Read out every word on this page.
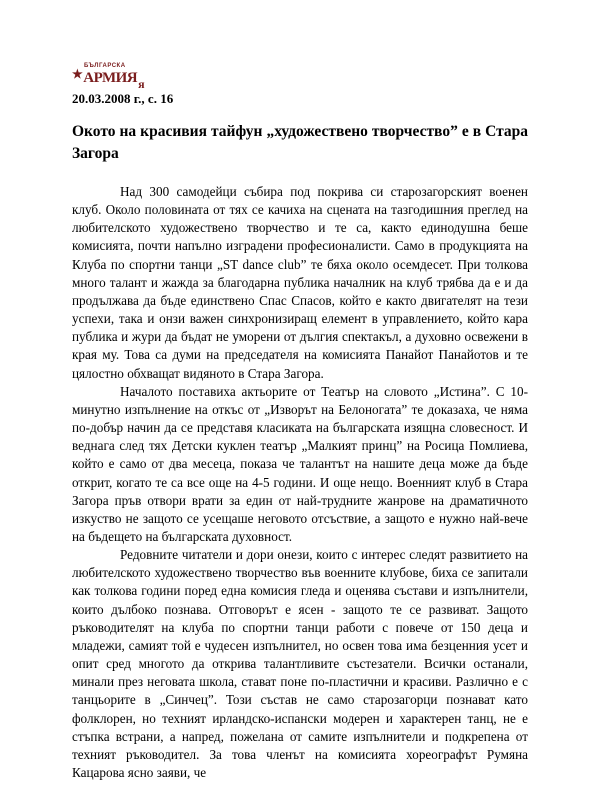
★
БЪЛГАРСКА
АРМИЯ я
20.03.2008 г., с. 16
Окото на красивия тайфун „художествено творчество” е в Стара Загора

Над 300 самодейци събира под покрива си старозагорският военен клуб. Около половината от тях се качиха на сцената на тазгодишния преглед на любителското художествено творчество и те са, както единодушна беше комисията, почти напълно изградени професионалисти. Само в продукцията на Клуба по спортни танци „ST dance club” те бяха около осемдесет. При толкова много талант и жажда за благодарна публика началник на клуб трябва да е и да продължава да бъде единствено Спас Спасов, който е както двигателят на тези успехи, така и онзи важен синхронизиращ елемент в управлението, който кара публика и жури да бъдат не уморени от дългия спектакъл, а духовно освежени в края му. Това са думи на председателя на комисията Панайот Панайотов и те цялостно обхващат видяното в Стара Загора.

Началото поставиха актьорите от Театър на словото „Истина”. С 10-минутно изпълнение на откъс от „Изворът на Белоногата” те доказаха, че няма по-добър начин да се представя класиката на българската изящна словесност. И веднага след тях Детски куклен театър „Малкият принц” на Росица Помлиева, който е само от два месеца, показа че талантът на нашите деца може да бъде открит, когато те са все още на 4-5 години. И още нещо. Военният клуб в Стара Загора пръв отвори врати за един от най-трудните жанрове на драматичното изкуство не защото се усещаше неговото отсъствие, а защото е нужно най-вече на бъдещето на българската духовност.

Редовните читатели и дори онези, които с интерес следят развитието на любителското художествено творчество във военните клубове, биха се запитали как толкова години поред една комисия гледа и оценява състави и изпълнители, които дълбоко познава. Отговорът е ясен - защото те се развиват. Защото ръководителят на клуба по спортни танци работи с повече от 150 деца и младежи, самият той е чудесен изпълнител, но освен това има безценния усет и опит сред многото да открива талантливите състезатели. Всички останали, минали през неговата школа, стават поне по-пластични и красиви. Различно е с танцьорите в „Синчец”. Този състав не само старозагорци познават като фолклорен, но техният ирландско-испански модерен и характерен танц, не е стъпка встрани, а напред, пожелана от самите изпълнители и подкрепена от техният ръководител. За това членът на комисията хореографът Румяна Кацарова ясно заяви, че
